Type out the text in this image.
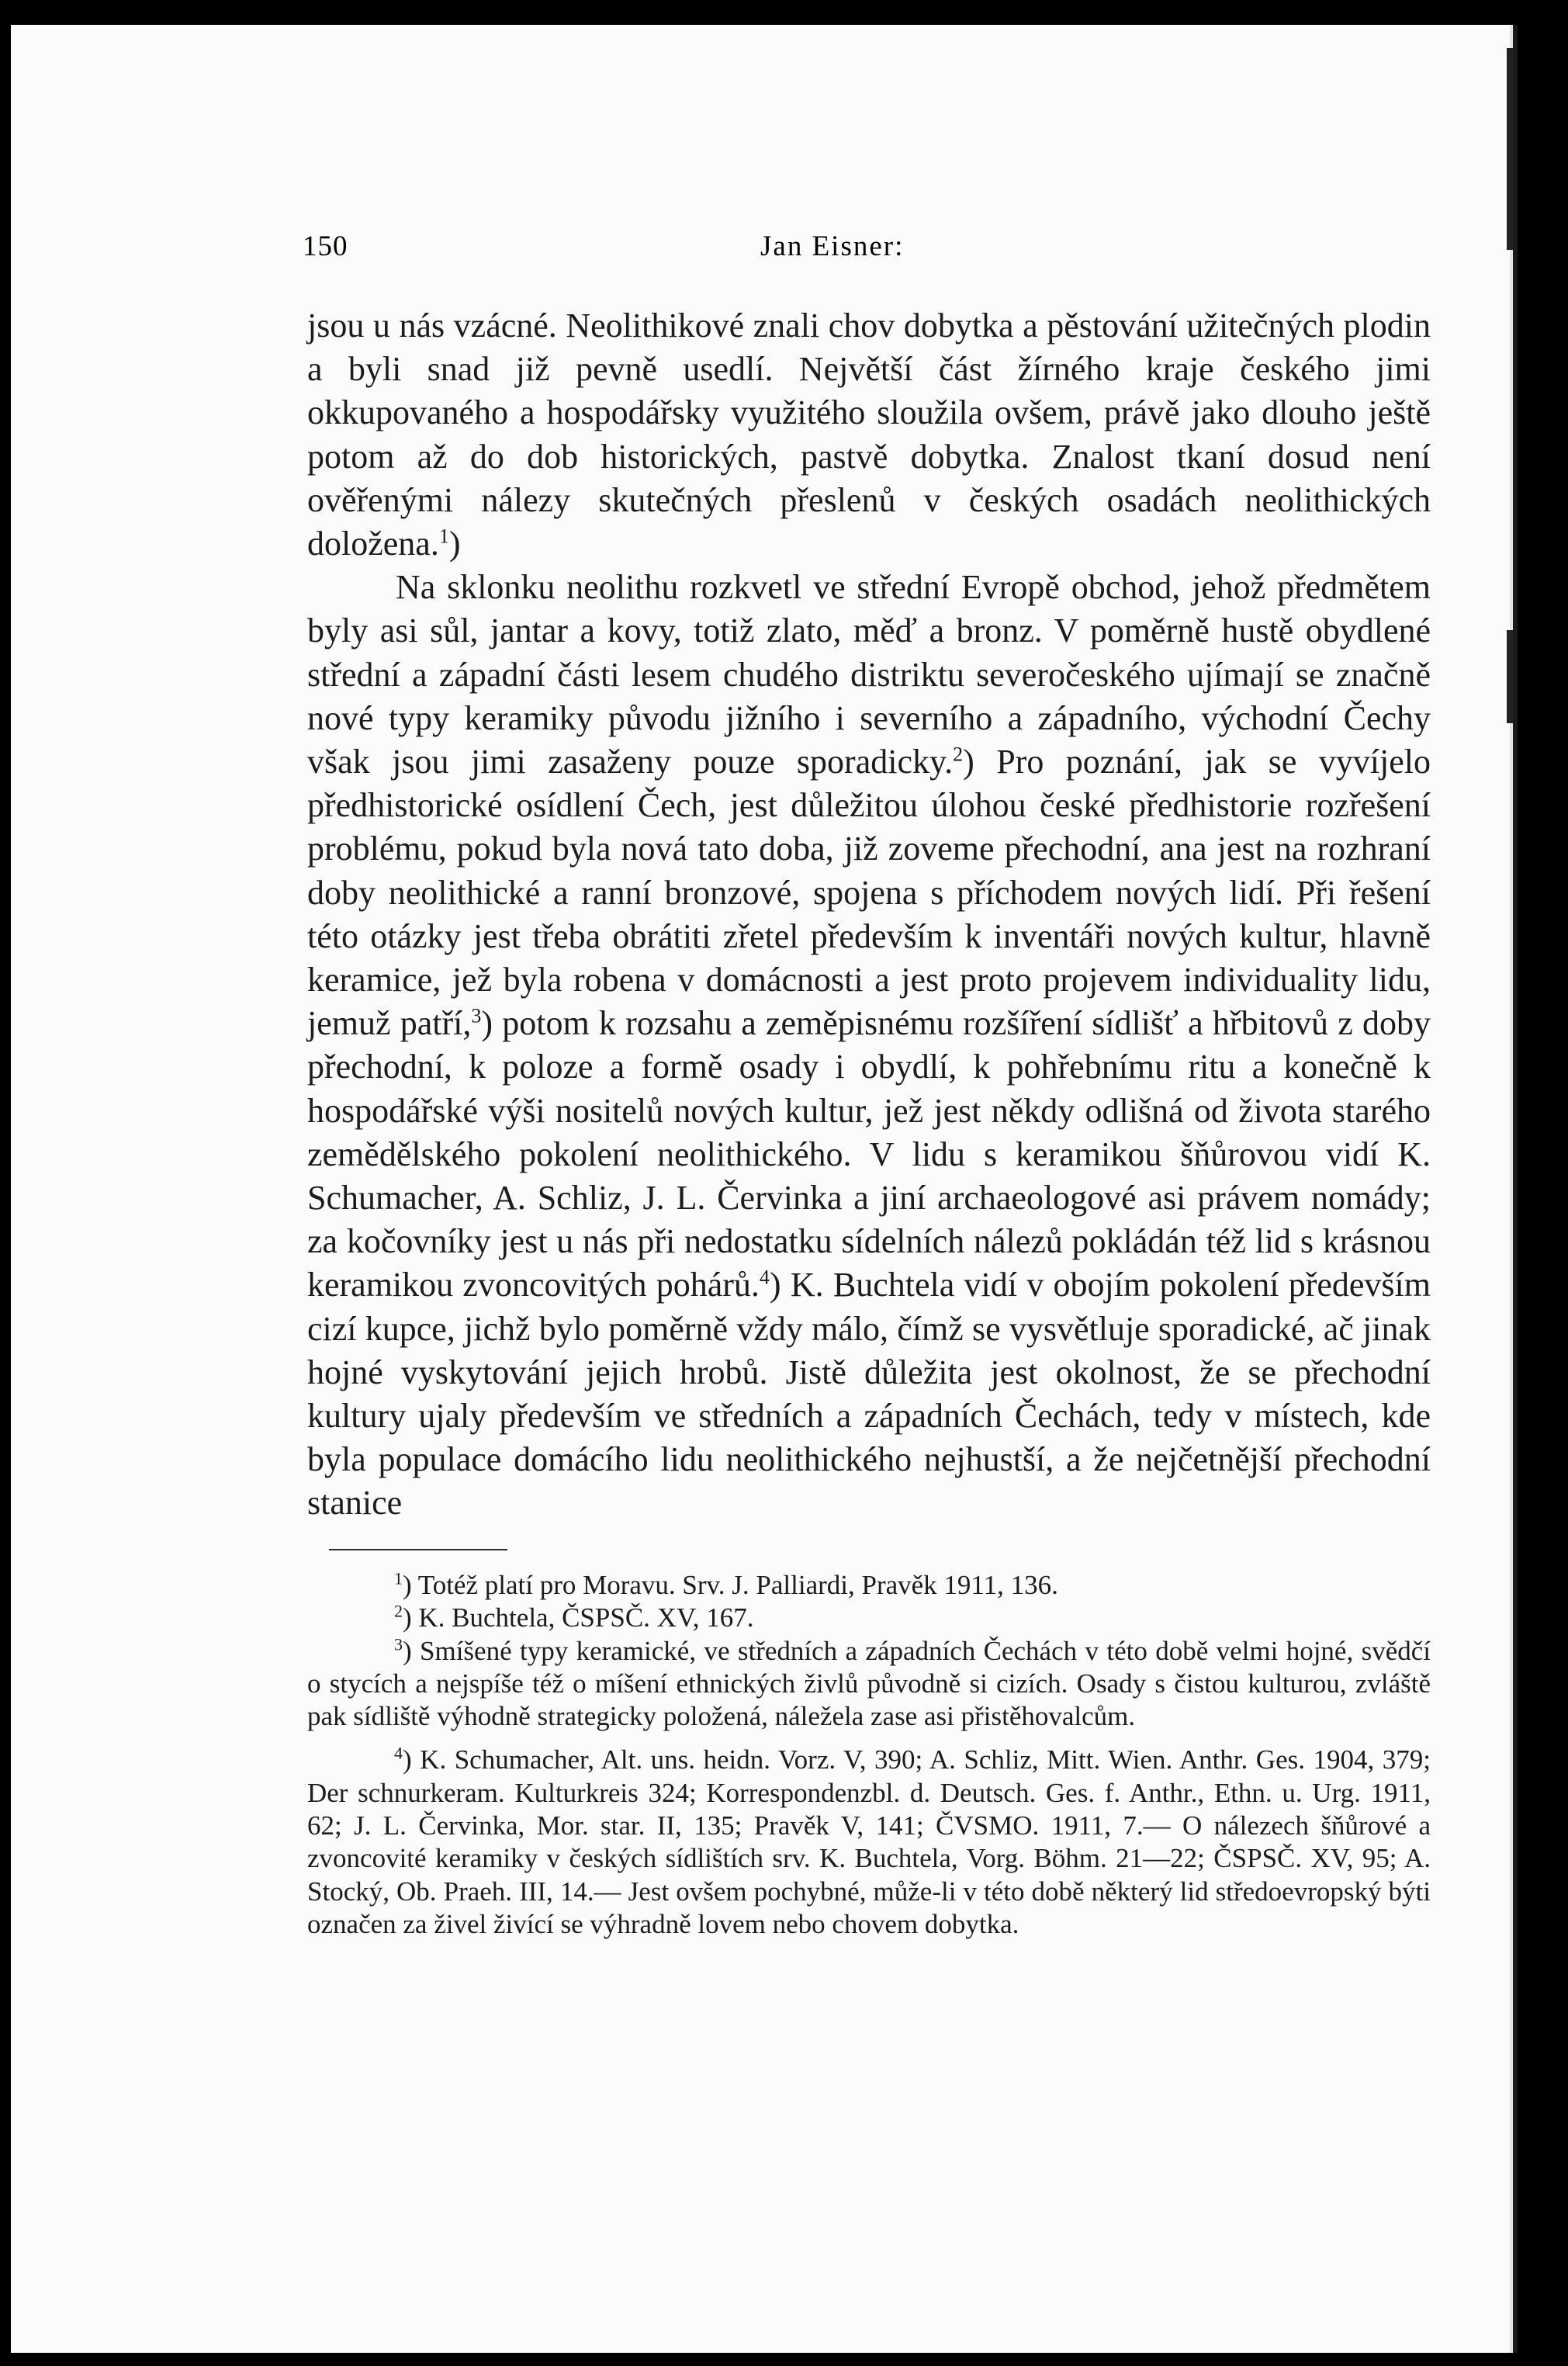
150	Jan Eisner:

jsou u nás vzácné. Neolithikové znali chov dobytka a pěstování užitečných plodin a byli snad již pevně usedlí. Největší část žírného kraje českého jimi okkupovaného a hospodářsky využitého sloužila ovšem, právě jako dlouho ještě potom až do dob historických, pastvě dobytka. Znalost tkaní dosud není ověřenými nálezy skutečných přeslenů v českých osadách neolithických doložena.$^1$)

Na sklonku neolithu rozkvetl ve střední Evropě obchod, jehož předmětem byly asi sůl, jantar a kovy, totiž zlato, měď a bronz. V poměrně hustě obydlené střední a západní části lesem chudého distriktu severočeského ujímají se značně nové typy keramiky původu jižního i severního a západního, východní Čechy však jsou jimi zasaženy pouze sporadicky.$^2$) Pro poznání, jak se vyvíjelo předhistorické osídlení Čech, jest důležitou úlohou české předhistorie rozřešení problému, pokud byla nová tato doba, již zoveme přechodní, ana jest na rozhraní doby neolithické a ranní bronzové, spojena s příchodem nových lidí. Při řešení této otázky jest třeba obrátiti zřetel především k inventáři nových kultur, hlavně keramice, jež byla robena v domácnosti a jest proto projevem individuality lidu, jemuž patří,$^3$) potom k rozsahu a zeměpisnému rozšíření sídlišť a hřbitovů z doby přechodní, k poloze a formě osady i obydlí, k pohřebnímu ritu a konečně k hospodářské výši nositelů nových kultur, jež jest někdy odlišná od života starého zemědělského pokolení neolithického. V lidu s keramikou šňůrovou vidí K. Schumacher, A. Schliz, J. L. Červinka a jiní archaeologové asi právem nomády; za kočovníky jest u nás při nedostatku sídelních nálezů pokládán též lid s krásnou keramikou zvoncovitých pohárů.$^4$) K. Buchtela vidí v obojím pokolení především cizí kupce, jichž bylo poměrně vždy málo, čímž se vysvětluje sporadické, ač jinak hojné vyskytování jejich hrobů. Jistě důležita jest okolnost, že se přechodní kultury ujaly především ve středních a západních Čechách, tedy v místech, kde byla populace domácího lidu neolithického nejhustší, a že nejčetnější přechodní stanice

$^1$) Totéž platí pro Moravu. Srv. J. Palliardi, Pravěk 1911, 136.

$^2$) K. Buchtela, ČSPSČ. XV, 167.

$^3$) Smíšené typy keramické, ve středních a západních Čechách v této době velmi hojné, svědčí o stycích a nejspíše též o míšení ethnických živlů původně si cizích. Osady s čistou kulturou, zvláště pak sídliště výhodně strategicky položená, náležela zase asi přistěhovalcům.

$^4$) K. Schumacher, Alt. uns. heidn. Vorz. V, 390; A. Schliz, Mitt. Wien. Anthr. Ges. 1904, 379; Der schnurkeram. Kulturkreis 324; Korrespondenzbl. d. Deutsch. Ges. f. Anthr., Ethn. u. Urg. 1911, 62; J. L. Červinka, Mor. star. II, 135; Pravěk V, 141; ČVSMO. 1911, 7.— O nálezech šňůrové a zvoncovité keramiky v českých sídlištích srv. K. Buchtela, Vorg. Böhm. 21—22; ČSPSČ. XV, 95; A. Stocký, Ob. Praeh. III, 14.— Jest ovšem pochybné, může-li v této době některý lid středoevropský býti označen za živel živící se výhradně lovem nebo chovem dobytka.
